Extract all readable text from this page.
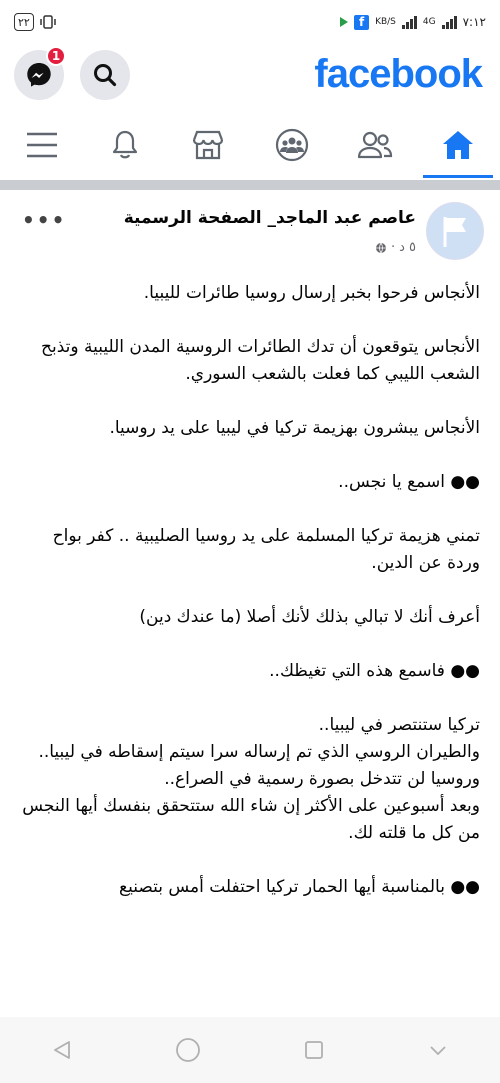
٢٢	f	KB/S	4G ٧:١٢
1	facebook
عاصم عبد الماجد_ الصفحة الرسمية
٥ د
·
•••

الأنجاس فرحوا بخبر إرسال روسيا طائرات لليبيا.

الأنجاس يتوقعون أن تدك الطائرات الروسية المدن الليبية وتذبح الشعب الليبي كما فعلت بالشعب السوري.

الأنجاس يبشرون بهزيمة تركيا في ليبيا على يد روسيا.

●● اسمع يا نجس..

تمني هزيمة تركيا المسلمة على يد روسيا الصليبية .. كفر بواح وردة عن الدين.

أعرف أنك لا تبالي بذلك لأنك أصلا (ما عندك دين)

●● فاسمع هذه التي تغيظك..

تركيا ستنتصر في ليبيا..

والطيران الروسي الذي تم إرساله سرا سيتم إسقاطه في ليبيا..

وروسيا لن تتدخل بصورة رسمية في الصراع..

وبعد أسبوعين على الأكثر إن شاء الله ستتحقق بنفسك أيها النجس من كل ما قلته لك.

●● بالمناسبة أيها الحمار تركيا احتفلت أمس بتصنيع
